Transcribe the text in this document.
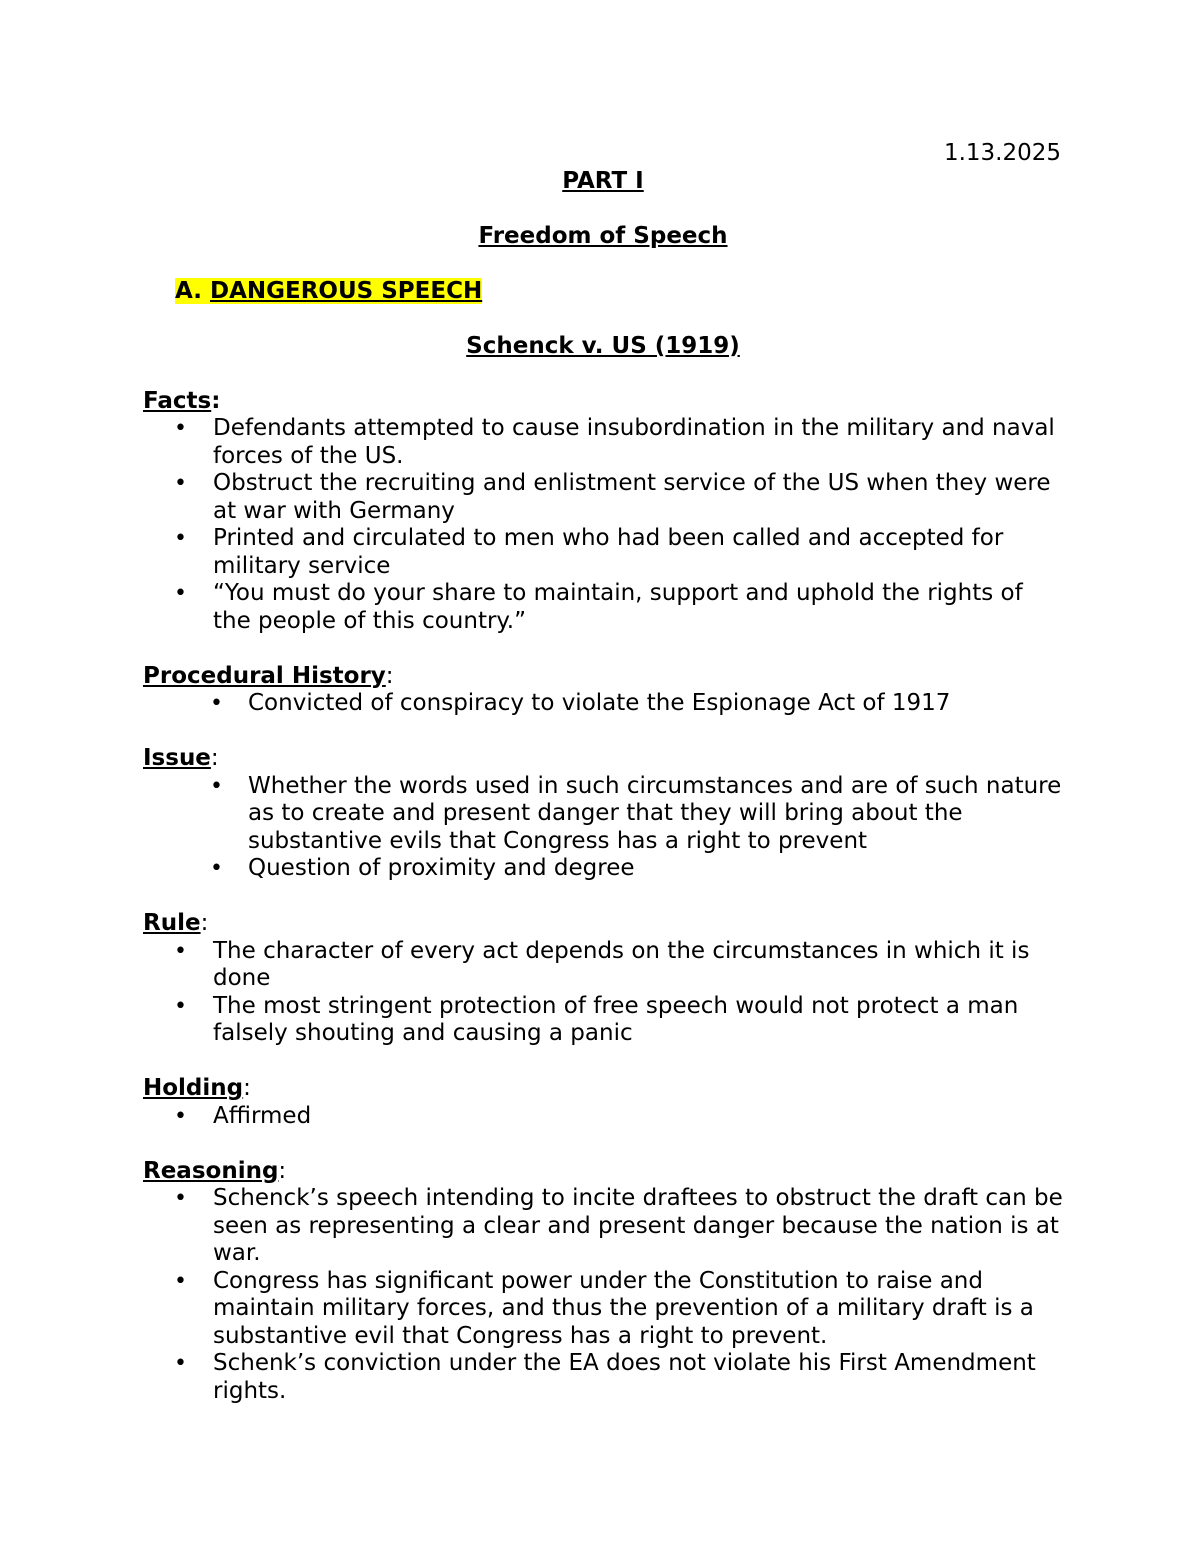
1.13.2025
PART I
Freedom of Speech
A. DANGEROUS SPEECH
Schenck v. US (1919)
Facts:
• Defendants attempted to cause insubordination in the military and naval forces of the US.
• Obstruct the recruiting and enlistment service of the US when they were at war with Germany
• Printed and circulated to men who had been called and accepted for military service
• “You must do your share to maintain, support and uphold the rights of the people of this country.”
Procedural History:
• Convicted of conspiracy to violate the Espionage Act of 1917
Issue:
• Whether the words used in such circumstances and are of such nature as to create and present danger that they will bring about the substantive evils that Congress has a right to prevent
• Question of proximity and degree
Rule:
• The character of every act depends on the circumstances in which it is done
• The most stringent protection of free speech would not protect a man falsely shouting and causing a panic
Holding:
• Affirmed
Reasoning:
• Schenck’s speech intending to incite draftees to obstruct the draft can be seen as representing a clear and present danger because the nation is at war.
• Congress has significant power under the Constitution to raise and maintain military forces, and thus the prevention of a military draft is a substantive evil that Congress has a right to prevent.
• Schenk’s conviction under the EA does not violate his First Amendment rights.
